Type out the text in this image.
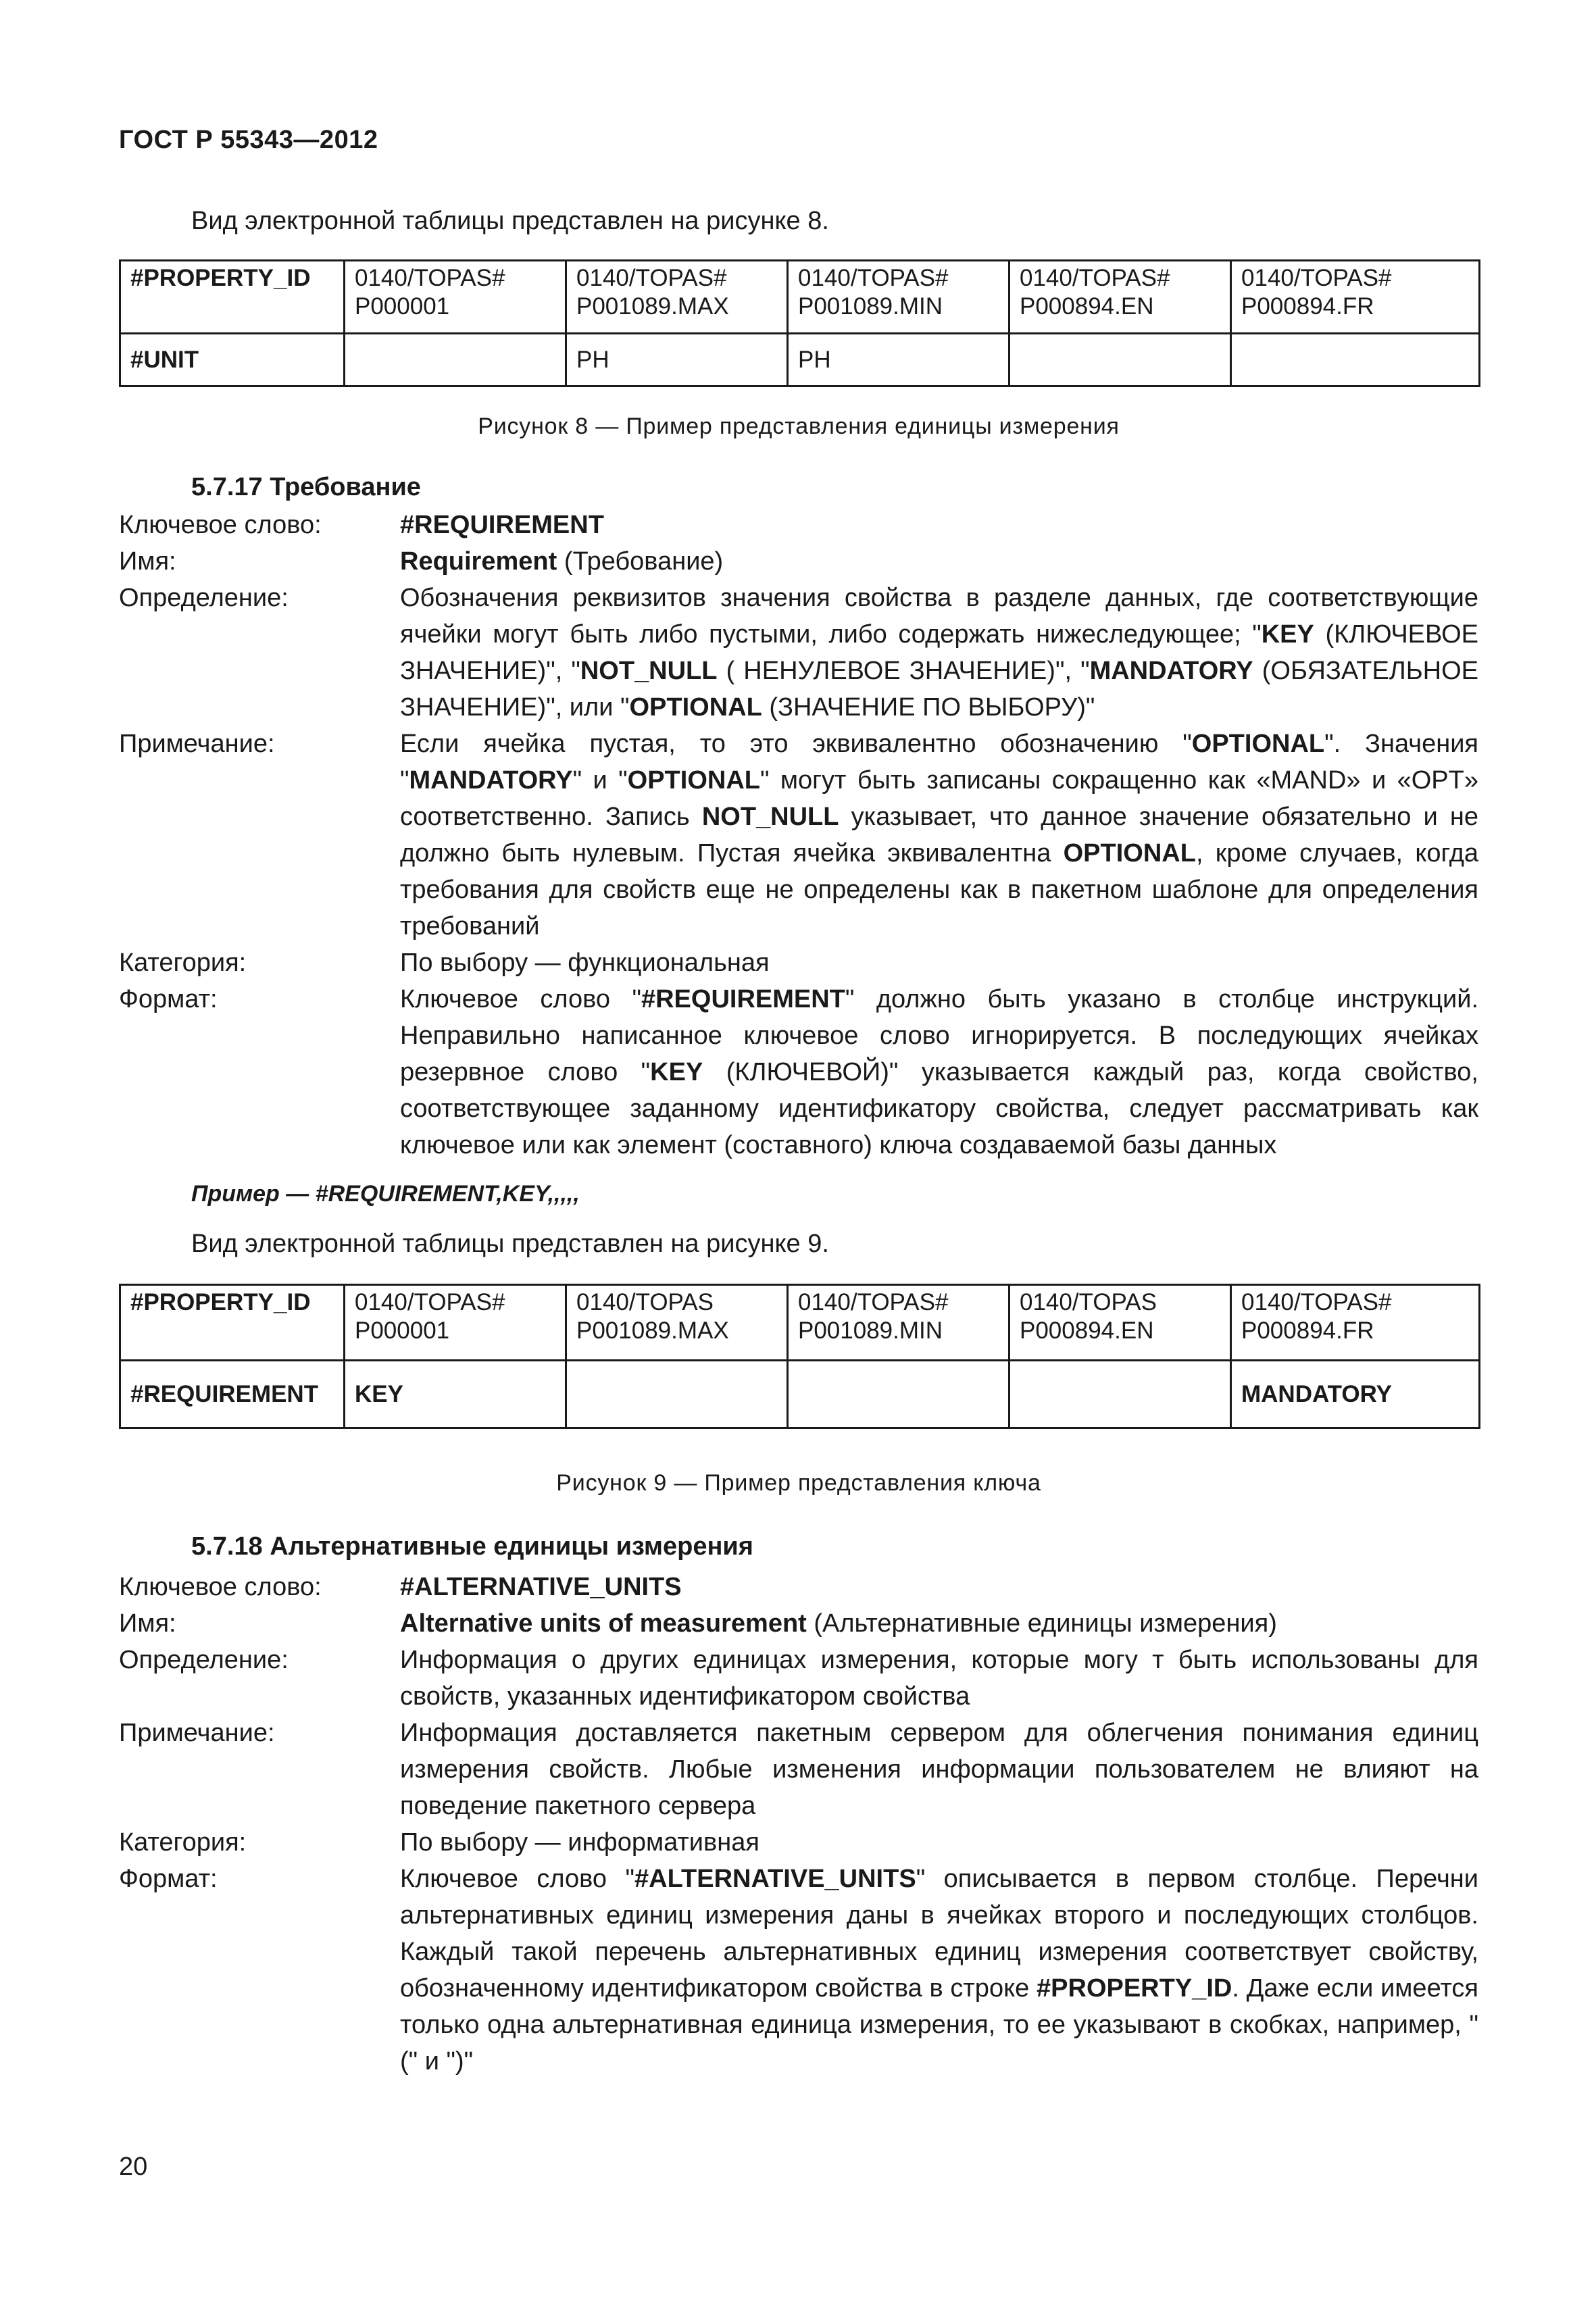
ГОСТ Р 55343—2012
Вид электронной таблицы представлен на рисунке 8.
#PROPERTY_ID	0140/TOPAS# P000001	0140/TOPAS# P001089.MAX	0140/TOPAS# P001089.MIN	0140/TOPAS# P000894.EN	0140/TOPAS# P000894.FR
#UNIT		PH	PH		
Рисунок 8 — Пример представления единицы измерения
5.7.17 Требование
Ключевое слово:	#REQUIREMENT
Имя:	Requirement (Требование)
Определение:	Обозначения реквизитов значения свойства в разделе данных, где соответствующие ячейки могут быть либо пустыми, либо содержать нижеследующее; "KEY (КЛЮЧЕВОЕ ЗНАЧЕНИЕ)", "NOT_NULL ( НЕНУЛЕВОЕ ЗНАЧЕНИЕ)", "MANDATORY (ОБЯЗАТЕЛЬНОЕ ЗНАЧЕНИЕ)", или "OPTIONAL (ЗНАЧЕНИЕ ПО ВЫБОРУ)"
Примечание:	Если ячейка пустая, то это эквивалентно обозначению "OPTIONAL". Значения "MANDATORY" и "OPTIONAL" могут быть записаны сокращенно как «MAND» и «OPT» соответственно. Запись NOT_NULL указывает, что данное значение обязательно и не должно быть нулевым. Пустая ячейка эквивалентна OPTIONAL, кроме случаев, когда требования для свойств еще не определены как в пакетном шаблоне для определения требований
Категория:	По выбору — функциональная
Формат:	Ключевое слово "#REQUIREMENT" должно быть указано в столбце инструкций. Неправильно написанное ключевое слово игнорируется. В последующих ячейках резервное слово "KEY (КЛЮЧЕВОЙ)" указывается каждый раз, когда свойство, соответствующее заданному идентификатору свойства, следует рассматривать как ключевое или как элемент (составного) ключа создаваемой базы данных
Пример — #REQUIREMENT,KEY,,,,,
Вид электронной таблицы представлен на рисунке 9.
#PROPERTY_ID	0140/TOPAS# P000001	0140/TOPAS P001089.MAX	0140/TOPAS# P001089.MIN	0140/TOPAS P000894.EN	0140/TOPAS# P000894.FR
#REQUIREMENT	KEY				MANDATORY
Рисунок 9 — Пример представления ключа
5.7.18 Альтернативные единицы измерения
Ключевое слово:	#ALTERNATIVE_UNITS
Имя:	Alternative units of measurement (Альтернативные единицы измерения)
Определение:	Информация о других единицах измерения, которые могу т быть использованы для свойств, указанных идентификатором свойства
Примечание:	Информация доставляется пакетным сервером для облегчения понимания единиц измерения свойств. Любые изменения информации пользователем не влияют на поведение пакетного сервера
Категория:	По выбору — информативная
Формат:	Ключевое слово "#ALTERNATIVE_UNITS" описывается в первом столбце. Перечни альтернативных единиц измерения даны в ячейках второго и последующих столбцов. Каждый такой перечень альтернативных единиц измерения соответствует свойству, обозначенному идентификатором свойства в строке #PROPERTY_ID. Даже если имеется только одна альтернативная единица измерения, то ее указывают в скобках, например, "(" и ")"
20
